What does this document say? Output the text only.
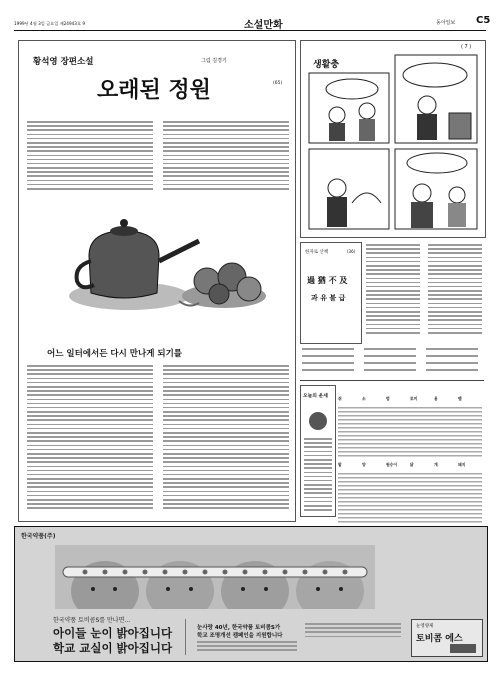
1999년 4월 3일 금요일 제24943호 9	소설만화	동아일보 C5
황석영 장편소설	그림 김경기
오래된 정원	(65)
어느 일터에서든 다시 만나게 되기를
( 7 )
생활충
한자로 산책	(36)
過 猶 不 及
과 유 불 급
오늘의 운세	쥐	소	범	토끼	용	뱀
말	양	원숭이	닭	개	돼지
한국약품(주)
한국약품 토비콤S를 만나면...
아이들 눈이 밝아집니다
학교 교실이 밝아집니다
눈사랑 40년, 한국약품 토비콤S가
학교 조명개선 캠페인을 지원합니다
눈영양제
토비콤 에스
